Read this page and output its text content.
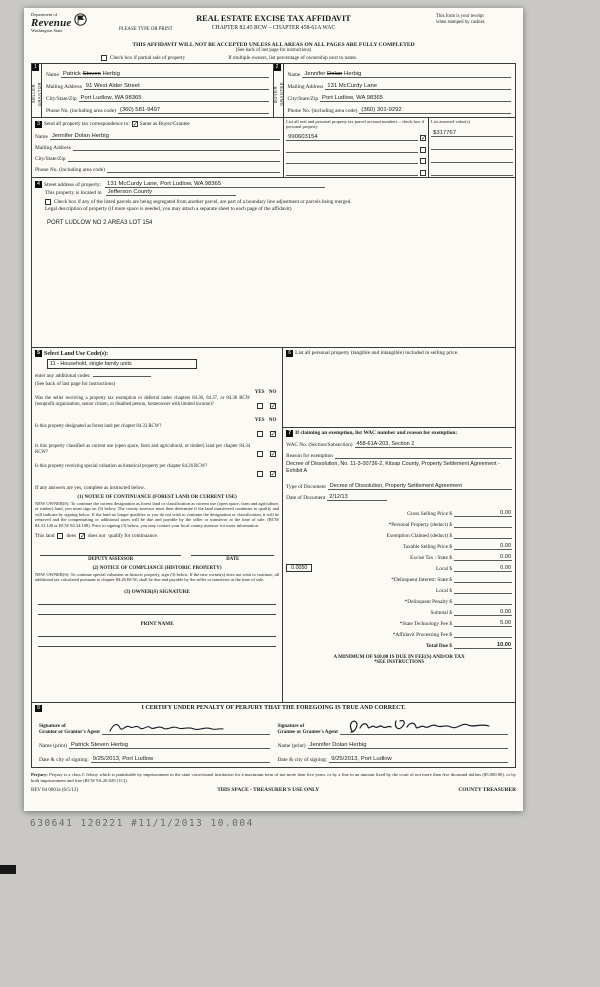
Department of
Revenue
Washington State
REAL ESTATE EXCISE TAX AFFIDAVIT
CHAPTER 82.45 RCW – CHAPTER 458-61A WAC
PLEASE TYPE OR PRINT
This form is your receipt
when stamped by cashier.
THIS AFFIDAVIT WILL NOT BE ACCEPTED UNLESS ALL AREAS ON ALL PAGES ARE FULLY COMPLETED
(See back of last page for instructions)
Check box if partial sale of property	If multiple owners, list percentage of ownership next to name.
1
SELLER GRANTOR
Name Patrick Steven Herbig
Mailing Address 91 West Alder Street
City/State/Zip Port Ludlow, WA 98365
Phone No. (including area code) (360) 581-9497
2
BUYER GRANTEE
Name Jennifer Dolan Herbig
Mailing Address 131 McCurdy Lane
City/State/Zip Port Ludlow, WA 98365
Phone No. (including area code) (360) 301-9292
3 Send all property tax correspondence to: ✓ Same as Buyer/Grantee
Name Jennifer Dolan Herbig
Mailing Address
City/State/Zip
Phone No. (including area code)
List all real and personal property tax parcel account numbers – check box if personal property
990603154	✓
List assessed value(s)
$317767
4 Street address of property:	131 McCurdy Lane, Port Ludlow, WA 98365
This property is located in	Jefferson County
Check box if any of the listed parcels are being segregated from another parcel, are part of a boundary line adjustment or parcels being merged.
Legal description of property (if more space is needed, you may attach a separate sheet to each page of the affidavit)
PORT LUDLOW NO 2 AREA3 LOT 154
5 Select Land Use Code(s):
11 - Household, single family units
enter any additional codes:
(See back of last page for instructions)
YES NO
Was the seller receiving a property tax exemption or deferral under chapters 84.36, 84.37, or 84.38 RCW (nonprofit organization, senior citizen, or disabled person, homeowner with limited income)?	✓
YES NO
Is this property designated as forest land per chapter 84.33 RCW?
✓
Is this property classified as current use (open space, farm and agricultural, or timber) land per chapter 84.34 RCW?	✓
Is this property receiving special valuation as historical property per chapter 84.26 RCW?
✓
If any answers are yes, complete as instructed below.
(1) NOTICE OF CONTINUANCE (FOREST LAND OR CURRENT USE)
NEW OWNER(S): To continue the current designation as forest land or classification as current use (open space, farm and agriculture, or timber) land, you must sign on (3) below. The county assessor must then determine if the land transferred continues to qualify and will indicate by signing below. If the land no longer qualifies or you do not wish to continue the designation or classification, it will be removed and the compensating or additional taxes will be due and payable by the seller or transferor at the time of sale. (RCW 84.33.140 or RCW 84.34.108). Prior to signing (3) below, you may contact your local county assessor for more information.
This land does ✓ does not qualify for continuance.
DEPUTY ASSESSOR	DATE
(2) NOTICE OF COMPLIANCE (HISTORIC PROPERTY)
NEW OWNER(S): To continue special valuation as historic property, sign (3) below. If the new owner(s) does not wish to continue, all additional tax calculated pursuant to chapter 84.26 RCW, shall be due and payable by the seller or transferor at the time of sale.
(3) OWNER(S) SIGNATURE
PRINT NAME
6 List all personal property (tangible and intangible) included in selling price.
7 If claiming an exemption, list WAC number and reason for exemption:
WAC No. (Section/Subsection) 458-61A-203, Section 2
Reason for exemption
Decree of Dissolution, No. 11-3-00736-2, Kitsap County, Property Settlement Agreement - Exhibit A
Type of Document Decree of Dissolution, Property Settlement Agreement
Date of Document 2/12/13
Gross Selling Price $	0.00
*Personal Property (deduct) $
Exemption Claimed (deduct) $
Taxable Selling Price $	0.00
Excise Tax : State $	0.00
0.0050	Local $	0.00
*Delinquent Interest: State $
Local $
*Delinquent Penalty $
Subtotal $	0.00
*State Technology Fee $	5.00
*Affidavit Processing Fee $
Total Due $	10.00
A MINIMUM OF $10.00 IS DUE IN FEE(S) AND/OR TAX
*SEE INSTRUCTIONS
8	I CERTIFY UNDER PENALTY OF PERJURY THAT THE FOREGOING IS TRUE AND CORRECT.
Signature of
Grantor or Grantor's Agent
Name (print) Patrick Steven Herbig
Date & city of signing: 9/25/2013, Port Ludlow
Signature of
Grantee or Grantee's Agent
Name (print) Jennifer Dolan Herbig
Date & city of signing: 9/25/2013, Port Ludlow
Perjury: Perjury is a class C felony which is punishable by imprisonment in the state correctional institution for a maximum term of not more than five years, or by a fine in an amount fixed by the court of not more than five thousand dollars ($5,000.00), or by both imprisonment and fine (RCW 9A.20.020 (1C)).
REV 84 0001a (6/5/13)	THIS SPACE - TREASURER'S USE ONLY	COUNTY TREASURER
630641 120221 #11/1/2013 10.004
